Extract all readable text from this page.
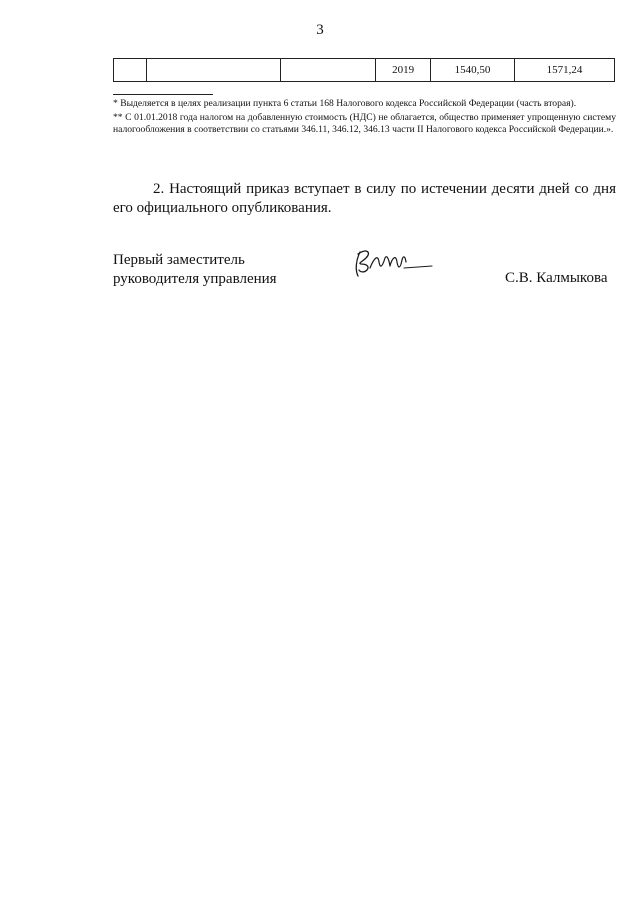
3
			2019	1540,50	1571,24

* Выделяется в целях реализации пункта 6 статьи 168 Налогового кодекса Российской Федерации (часть вторая).

** С 01.01.2018 года налогом на добавленную стоимость (НДС) не облагается, общество применяет упрощенную систему налогообложения в соответствии со статьями 346.11, 346.12, 346.13 части II Налогового кодекса Российской Федерации.».

2. Настоящий приказ вступает в силу по истечении десяти дней со дня его официального опубликования.

Первый заместитель
руководителя управления	С.В. Калмыкова
